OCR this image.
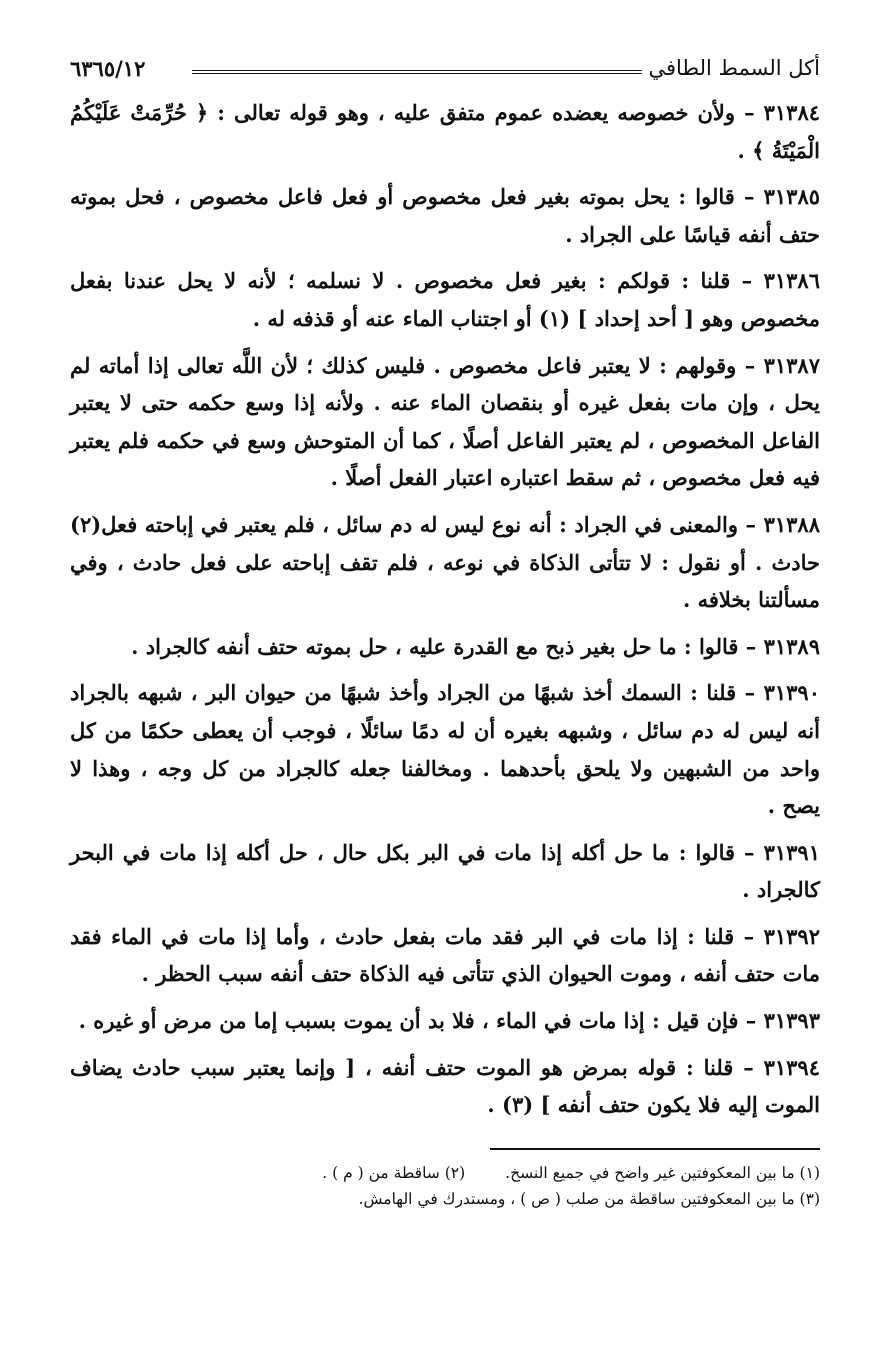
أكل السمط الطافي
٦٣٦٥/١٢

٣١٣٨٤ – ولأن خصوصه يعضده عموم متفق عليه ، وهو قوله تعالى : ﴿ حُرِّمَتْ عَلَيْكُمُ الْمَيْتَةُ ﴾ .

٣١٣٨٥ – قالوا : يحل بموته بغير فعل مخصوص أو فعل فاعل مخصوص ، فحل بموته حتف أنفه قياسًا على الجراد .

٣١٣٨٦ – قلنا : قولكم : بغير فعل مخصوص . لا نسلمه ؛ لأنه لا يحل عندنا بفعل مخصوص وهو [ أحد إحداد ] (١) أو اجتناب الماء عنه أو قذفه له .

٣١٣٨٧ – وقولهم : لا يعتبر فاعل مخصوص . فليس كذلك ؛ لأن اللَّه تعالى إذا أماته لم يحل ، وإن مات بفعل غيره أو بنقصان الماء عنه . ولأنه إذا وسع حكمه حتى لا يعتبر الفاعل المخصوص ، لم يعتبر الفاعل أصلًا ، كما أن المتوحش وسع في حكمه فلم يعتبر فيه فعل مخصوص ، ثم سقط اعتباره اعتبار الفعل أصلًا .

٣١٣٨٨ – والمعنى في الجراد : أنه نوع ليس له دم سائل ، فلم يعتبر في إباحته فعل(٢) حادث . أو نقول : لا تتأتى الذكاة في نوعه ، فلم تقف إباحته على فعل حادث ، وفي مسألتنا بخلافه .

٣١٣٨٩ – قالوا : ما حل بغير ذبح مع القدرة عليه ، حل بموته حتف أنفه كالجراد .

٣١٣٩٠ – قلنا : السمك أخذ شبهًا من الجراد وأخذ شبهًا من حيوان البر ، شبهه بالجراد أنه ليس له دم سائل ، وشبهه بغيره أن له دمًا سائلًا ، فوجب أن يعطى حكمًا من كل واحد من الشبهين ولا يلحق بأحدهما . ومخالفنا جعله كالجراد من كل وجه ، وهذا لا يصح .

٣١٣٩١ – قالوا : ما حل أكله إذا مات في البر بكل حال ، حل أكله إذا مات في البحر كالجراد .

٣١٣٩٢ – قلنا : إذا مات في البر فقد مات بفعل حادث ، وأما إذا مات في الماء فقد مات حتف أنفه ، وموت الحيوان الذي تتأتى فيه الذكاة حتف أنفه سبب الحظر .

٣١٣٩٣ – فإن قيل : إذا مات في الماء ، فلا بد أن يموت بسبب إما من مرض أو غيره .

٣١٣٩٤ – قلنا : قوله بمرض هو الموت حتف أنفه ، [ وإنما يعتبر سبب حادث يضاف الموت إليه فلا يكون حتف أنفه ] (٣) .

(١) ما بين المعكوفتين غير واضح في جميع النسخ.
(٢) ساقطة من ( م ) .
(٣) ما بين المعكوفتين ساقطة من صلب ( ص ) ، ومستدرك في الهامش.
